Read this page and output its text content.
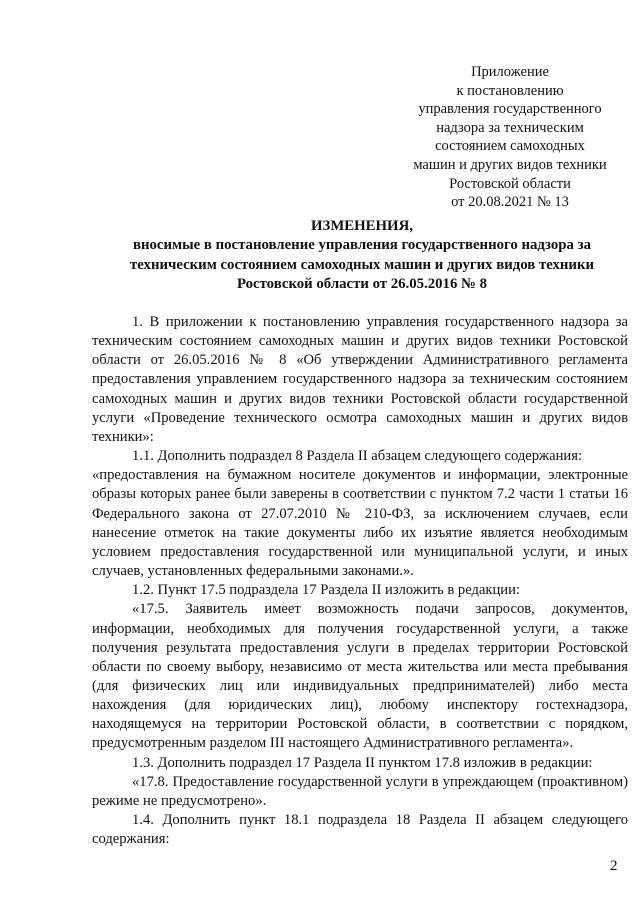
Приложение
к постановлению
управления государственного
надзора за техническим
состоянием самоходных
машин и других видов техники
Ростовской области
от 20.08.2021 № 13
ИЗМЕНЕНИЯ,
вносимые в постановление управления государственного надзора за
техническим состоянием самоходных машин и других видов техники
Ростовской области от 26.05.2016 № 8

1. В приложении к постановлению управления государственного надзора за техническим состоянием самоходных машин и других видов техники Ростовской области от 26.05.2016 № 8 «Об утверждении Административного регламента предоставления управлением государственного надзора за техническим состоянием самоходных машин и других видов техники Ростовской области государственной услуги «Проведение технического осмотра самоходных машин и других видов техники»:

1.1. Дополнить подраздел 8 Раздела II абзацем следующего содержания:

«предоставления на бумажном носителе документов и информации, электронные образы которых ранее были заверены в соответствии с пунктом 7.2 части 1 статьи 16 Федерального закона от 27.07.2010 № 210-ФЗ, за исключением случаев, если нанесение отметок на такие документы либо их изъятие является необходимым условием предоставления государственной или муниципальной услуги, и иных случаев, установленных федеральными законами.».

1.2. Пункт 17.5 подраздела 17 Раздела II изложить в редакции:

«17.5. Заявитель имеет возможность подачи запросов, документов, информации, необходимых для получения государственной услуги, а также получения результата предоставления услуги в пределах территории Ростовской области по своему выбору, независимо от места жительства или места пребывания (для физических лиц или индивидуальных предпринимателей) либо места нахождения (для юридических лиц), любому инспектору гостехнадзора, находящемуся на территории Ростовской области, в соответствии с порядком, предусмотренным разделом III настоящего Административного регламента».

1.3. Дополнить подраздел 17 Раздела II пунктом 17.8 изложив в редакции:

«17.8. Предоставление государственной услуги в упреждающем (проактивном) режиме не предусмотрено».

1.4. Дополнить пункт 18.1 подраздела 18 Раздела II абзацем следующего содержания:

2
